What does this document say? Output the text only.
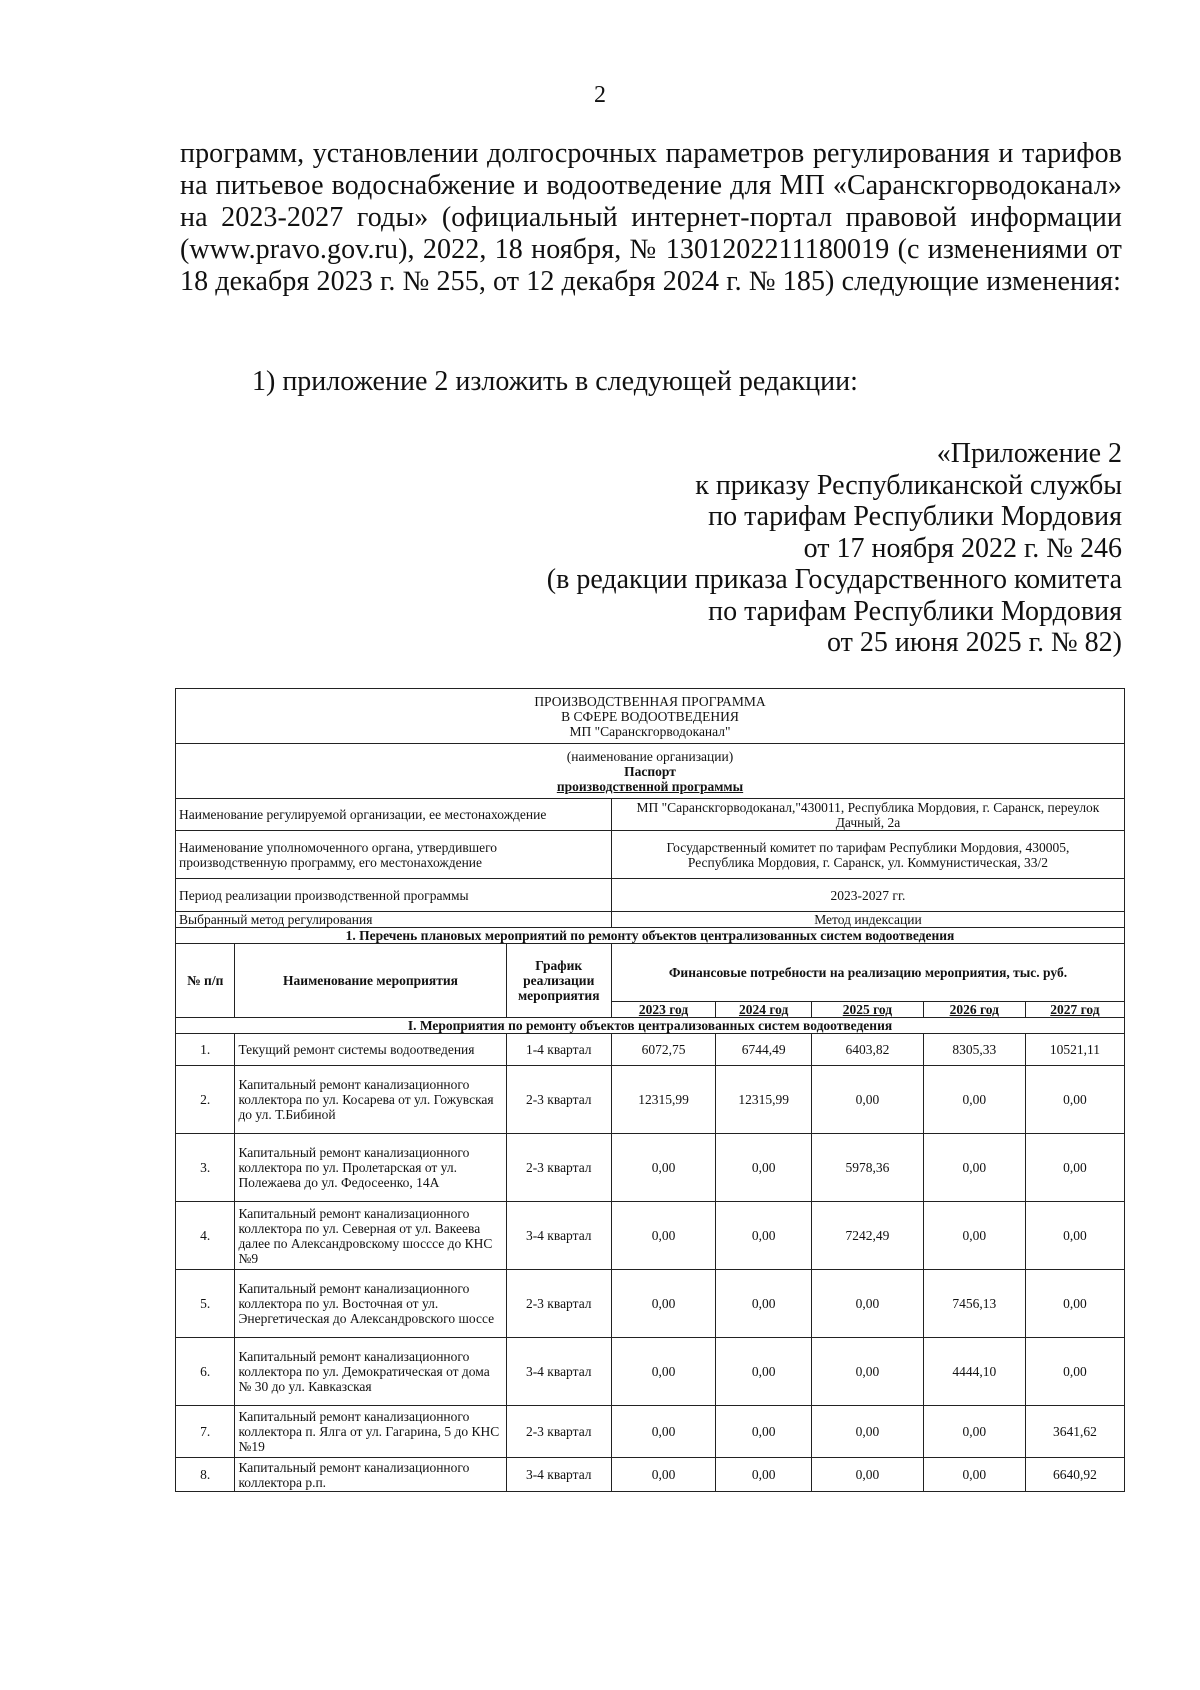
2
программ, установлении долгосрочных параметров регулирования и тарифов на питьевое водоснабжение и водоотведение для МП «Саранскгорводоканал» на 2023-2027 годы» (официальный интернет-портал правовой информации (www.pravo.gov.ru), 2022, 18 ноября, № 1301202211180019 (с изменениями от 18 декабря 2023 г. № 255, от 12 декабря 2024 г. № 185) следующие изменения:
1) приложение 2 изложить в следующей редакции:
«Приложение 2
к приказу Республиканской службы
по тарифам Республики Мордовия
от 17 ноября 2022 г. № 246
(в редакции приказа Государственного комитета
по тарифам Республики Мордовия
от 25 июня 2025 г. № 82)
ПРОИЗВОДСТВЕННАЯ ПРОГРАММА
В СФЕРЕ ВОДООТВЕДЕНИЯ
МП "Саранскгорводоканал"							

(наименование организации)
Паспорт
производственной программы							

Наименование регулируемой организации, ее местонахождение			МП "Саранскгорводоканал,"430011, Республика Мордовия, г. Саранск, переулок Дачный, 2а				
Наименование уполномоченного органа, утвердившего производственную программу, его местонахождение			Государственный комитет по тарифам Республики Мордовия, 430005, Республика Мордовия, г. Саранск, ул. Коммунистическая, 33/2				
Период реализации производственной программы			2023-2027 гг.				
Выбранный метод регулирования			Метод индексации				
1. Перечень плановых мероприятий по ремонту объектов централизованных систем водоотведения							
№ п/п	Наименование мероприятия	График реализации мероприятия	Финансовые потребности на реализацию мероприятия, тыс. руб.				
			2023 год	2024 год	2025 год	2026 год	2027 год
I. Мероприятия по ремонту объектов централизованных систем водоотведения							
1.	Текущий ремонт системы водоотведения	1-4 квартал	6072,75	6744,49	6403,82	8305,33	10521,11
2.	Капитальный ремонт канализационного коллектора по ул. Косарева от ул. Гожувская до ул. Т.Бибиной	2-3 квартал	12315,99	12315,99	0,00	0,00	0,00
3.	Капитальный ремонт канализационного коллектора по ул. Пролетарская от ул. Полежаева до ул. Федосеенко, 14А	2-3 квартал	0,00	0,00	5978,36	0,00	0,00
4.	Капитальный ремонт канализационного коллектора по ул. Северная от ул. Вакеева далее по Александровскому шосссе до КНС №9	3-4 квартал	0,00	0,00	7242,49	0,00	0,00
5.	Капитальный ремонт канализационного коллектора по ул. Восточная от ул. Энергетическая до Александровского шоссе	2-3 квартал	0,00	0,00	0,00	7456,13	0,00
6.	Капитальный ремонт канализационного коллектора по ул. Демократическая от дома № 30 до ул. Кавказская	3-4 квартал	0,00	0,00	0,00	4444,10	0,00
7.	Капитальный ремонт канализационного коллектора п. Ялга от ул. Гагарина, 5 до КНС №19	2-3 квартал	0,00	0,00	0,00	0,00	3641,62
8.	Капитальный ремонт канализационного коллектора р.п.	3-4 квартал	0,00	0,00	0,00	0,00	6640,92
